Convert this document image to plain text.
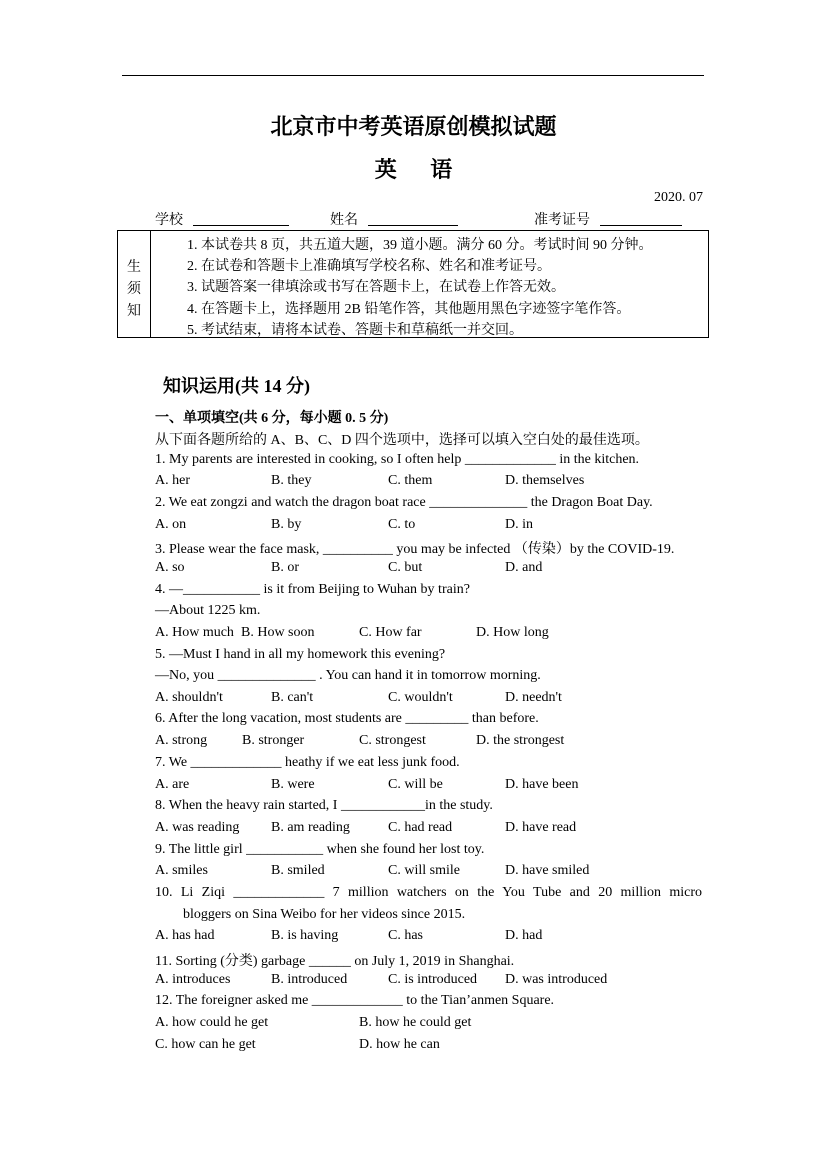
北京市中考英语原创模拟试题
英 语
2020. 07
学校	姓名	准考证号
生
须
知
1. 本试卷共 8 页，共五道大题，39 道小题。满分 60 分。考试时间 90 分钟。
2. 在试卷和答题卡上准确填写学校名称、姓名和准考证号。
3. 试题答案一律填涂或书写在答题卡上，在试卷上作答无效。
4. 在答题卡上，选择题用 2B 铅笔作答，其他题用黑色字迹签字笔作答。
5. 考试结束，请将本试卷、答题卡和草稿纸一并交回。
知识运用(共 14 分)
一、单项填空(共 6 分，每小题 0. 5 分)
从下面各题所给的 A、B、C、D 四个选项中，选择可以填入空白处的最佳选项。
1. My parents are interested in cooking, so I often help _____________ in the kitchen.
A. her	B. they	C. them	D. themselves
2. We eat zongzi and watch the dragon boat race ______________ the Dragon Boat Day.
A. on	B. by	C. to	D. in
3. Please wear the face mask, __________ you may be infected （传染）by the COVID-19.
A. so	B. or	C. but	D. and
4. —___________ is it from Beijing to Wuhan by train?
—About 1225 km.
A. How much B. How soon	C. How far	D. How long
5. —Must I hand in all my homework this evening?
—No, you ______________ . You can hand it in tomorrow morning.
A. shouldn't	B. can't	C. wouldn't	D. needn't
6. After the long vacation, most students are _________ than before.
A. strong B. stronger	C. strongest	D. the strongest
7. We _____________ heathy if we eat less junk food.
A. are	B. were	C. will be	D. have been
8. When the heavy rain started, I ____________in the study.
A. was reading B. am reading	C. had read	D. have read
9. The little girl ___________ when she found her lost toy.
A. smiles	B. smiled	C. will smile	D. have smiled
10. Li Ziqi _____________ 7 million watchers on the You Tube and 20 million micro
bloggers on Sina Weibo for her videos since 2015.
A. has had	B. is having	C. has	D. had
11. Sorting (分类) garbage ______ on July 1, 2019 in Shanghai.
A. introduces	B. introduced	C. is introduced D. was introduced
12. The foreigner asked me _____________ to the Tian’anmen Square.
A. how could he get	B. how he could get
C. how can he get	D. how he can
